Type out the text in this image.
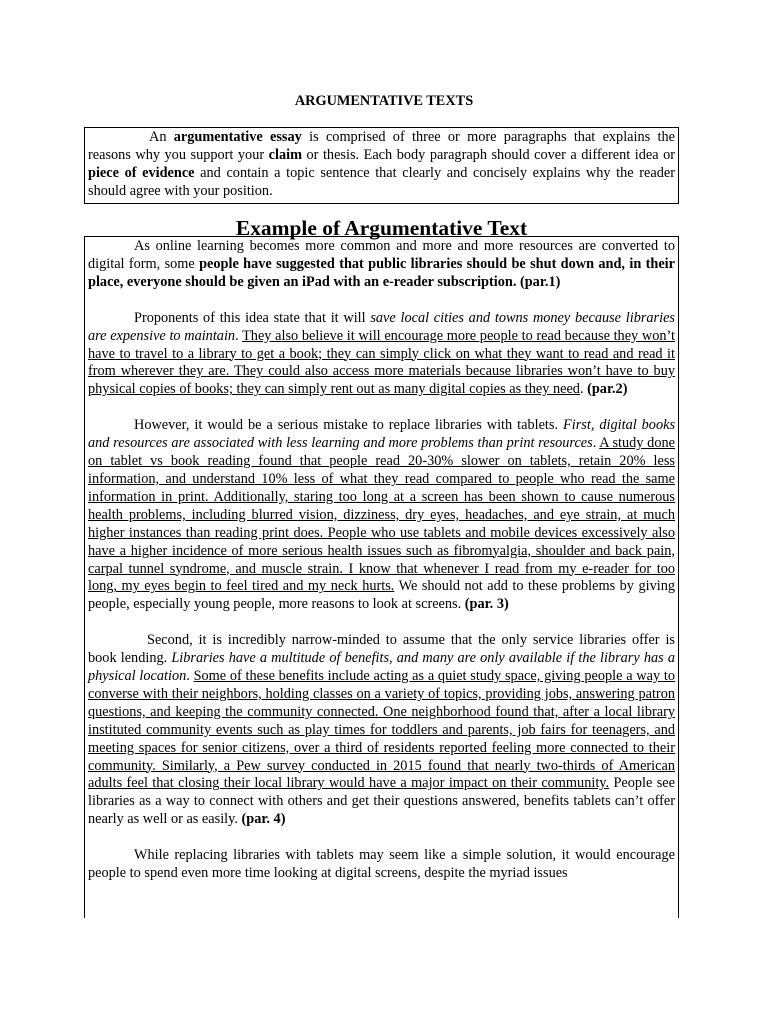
ARGUMENTATIVE TEXTS

An argumentative essay is comprised of three or more paragraphs that explains the reasons why you support your claim or thesis. Each body paragraph should cover a different idea or piece of evidence and contain a topic sentence that clearly and concisely explains why the reader should agree with your position.

Example of Argumentative Text

As online learning becomes more common and more and more resources are converted to digital form, some people have suggested that public libraries should be shut down and, in their place, everyone should be given an iPad with an e-reader subscription. (par.1)

Proponents of this idea state that it will save local cities and towns money because libraries are expensive to maintain. They also believe it will encourage more people to read because they won’t have to travel to a library to get a book; they can simply click on what they want to read and read it from wherever they are. They could also access more materials because libraries won’t have to buy physical copies of books; they can simply rent out as many digital copies as they need. (par.2)

However, it would be a serious mistake to replace libraries with tablets. First, digital books and resources are associated with less learning and more problems than print resources. A study done on tablet vs book reading found that people read 20-30% slower on tablets, retain 20% less information, and understand 10% less of what they read compared to people who read the same information in print. Additionally, staring too long at a screen has been shown to cause numerous health problems, including blurred vision, dizziness, dry eyes, headaches, and eye strain, at much higher instances than reading print does. People who use tablets and mobile devices excessively also have a higher incidence of more serious health issues such as fibromyalgia, shoulder and back pain, carpal tunnel syndrome, and muscle strain. I know that whenever I read from my e-reader for too long, my eyes begin to feel tired and my neck hurts. We should not add to these problems by giving people, especially young people, more reasons to look at screens. (par. 3)

Second, it is incredibly narrow-minded to assume that the only service libraries offer is book lending. Libraries have a multitude of benefits, and many are only available if the library has a physical location. Some of these benefits include acting as a quiet study space, giving people a way to converse with their neighbors, holding classes on a variety of topics, providing jobs, answering patron questions, and keeping the community connected. One neighborhood found that, after a local library instituted community events such as play times for toddlers and parents, job fairs for teenagers, and meeting spaces for senior citizens, over a third of residents reported feeling more connected to their community. Similarly, a Pew survey conducted in 2015 found that nearly two-thirds of American adults feel that closing their local library would have a major impact on their community. People see libraries as a way to connect with others and get their questions answered, benefits tablets can’t offer nearly as well or as easily. (par. 4)

While replacing libraries with tablets may seem like a simple solution, it would encourage people to spend even more time looking at digital screens, despite the myriad issues
